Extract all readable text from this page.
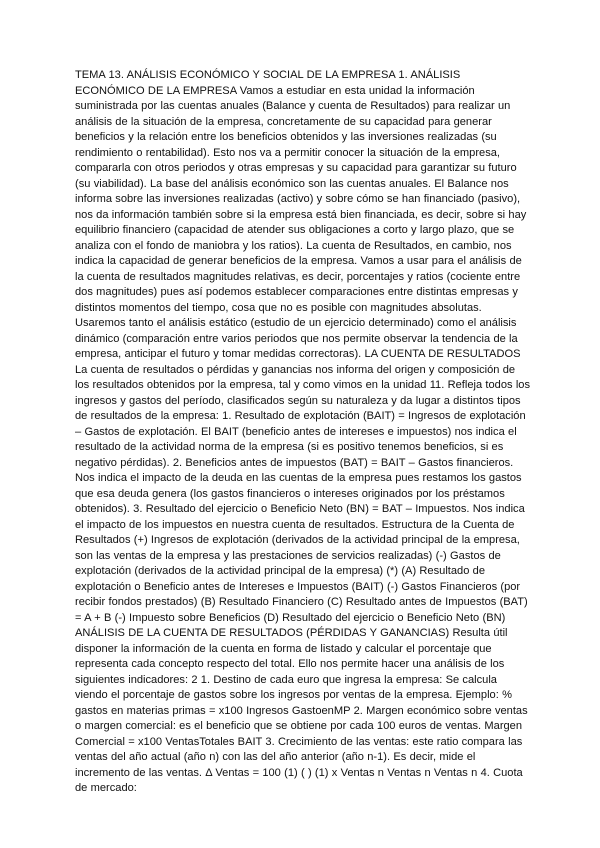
TEMA 13. ANÁLISIS ECONÓMICO Y SOCIAL DE LA EMPRESA 1. ANÁLISIS ECONÓMICO DE LA EMPRESA Vamos a estudiar en esta unidad la información suministrada por las cuentas anuales (Balance y cuenta de Resultados) para realizar un análisis de la situación de la empresa, concretamente de su capacidad para generar beneficios y la relación entre los beneficios obtenidos y las inversiones realizadas (su rendimiento o rentabilidad). Esto nos va a permitir conocer la situación de la empresa, compararla con otros periodos y otras empresas y su capacidad para garantizar su futuro (su viabilidad). La base del análisis económico son las cuentas anuales. El Balance nos informa sobre las inversiones realizadas (activo) y sobre cómo se han financiado (pasivo), nos da información también sobre si la empresa está bien financiada, es decir, sobre si hay equilibrio financiero (capacidad de atender sus obligaciones a corto y largo plazo, que se analiza con el fondo de maniobra y los ratios). La cuenta de Resultados, en cambio, nos indica la capacidad de generar beneficios de la empresa. Vamos a usar para el análisis de la cuenta de resultados magnitudes relativas, es decir, porcentajes y ratios (cociente entre dos magnitudes) pues así podemos establecer comparaciones entre distintas empresas y distintos momentos del tiempo, cosa que no es posible con magnitudes absolutas. Usaremos tanto el análisis estático (estudio de un ejercicio determinado) como el análisis dinámico (comparación entre varios periodos que nos permite observar la tendencia de la empresa, anticipar el futuro y tomar medidas correctoras). LA CUENTA DE RESULTADOS La cuenta de resultados o pérdidas y ganancias nos informa del origen y composición de los resultados obtenidos por la empresa, tal y como vimos en la unidad 11. Refleja todos los ingresos y gastos del período, clasificados según su naturaleza y da lugar a distintos tipos de resultados de la empresa: 1. Resultado de explotación (BAIT) = Ingresos de explotación – Gastos de explotación. El BAIT (beneficio antes de intereses e impuestos) nos indica el resultado de la actividad norma de la empresa (si es positivo tenemos beneficios, si es negativo pérdidas). 2. Beneficios antes de impuestos (BAT) = BAIT – Gastos financieros. Nos indica el impacto de la deuda en las cuentas de la empresa pues restamos los gastos que esa deuda genera (los gastos financieros o intereses originados por los préstamos obtenidos). 3. Resultado del ejercicio o Beneficio Neto (BN) = BAT – Impuestos. Nos indica el impacto de los impuestos en nuestra cuenta de resultados. Estructura de la Cuenta de Resultados (+) Ingresos de explotación (derivados de la actividad principal de la empresa, son las ventas de la empresa y las prestaciones de servicios realizadas) (-) Gastos de explotación (derivados de la actividad principal de la empresa) (*) (A) Resultado de explotación o Beneficio antes de Intereses e Impuestos (BAIT) (-) Gastos Financieros (por recibir fondos prestados) (B) Resultado Financiero (C) Resultado antes de Impuestos (BAT) = A + B (-) Impuesto sobre Beneficios (D) Resultado del ejercicio o Beneficio Neto (BN) ANÁLISIS DE LA CUENTA DE RESULTADOS (PÉRDIDAS Y GANANCIAS) Resulta útil disponer la información de la cuenta en forma de listado y calcular el porcentaje que representa cada concepto respecto del total. Ello nos permite hacer una análisis de los siguientes indicadores: 2 1. Destino de cada euro que ingresa la empresa: Se calcula viendo el porcentaje de gastos sobre los ingresos por ventas de la empresa. Ejemplo: % gastos en materias primas = x100 Ingresos GastoenMP 2. Margen económico sobre ventas o margen comercial: es el beneficio que se obtiene por cada 100 euros de ventas. Margen Comercial = x100 VentasTotales BAIT 3. Crecimiento de las ventas: este ratio compara las ventas del año actual (año n) con las del año anterior (año n-1). Es decir, mide el incremento de las ventas. Δ Ventas = 100 (1) ( ) (1) x Ventas n Ventas n Ventas n 4. Cuota de mercado:
